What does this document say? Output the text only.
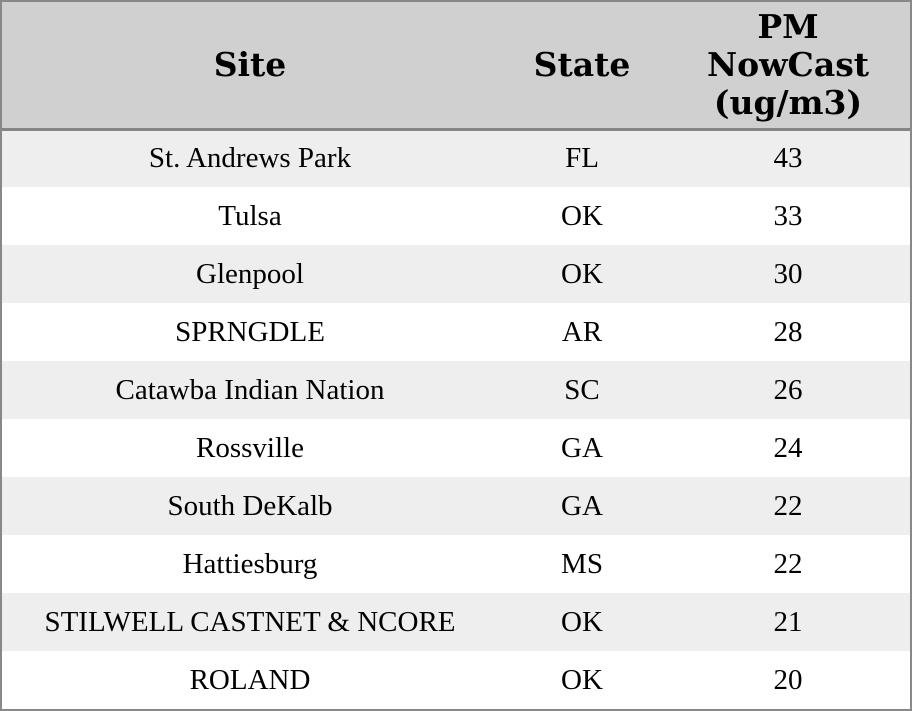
Site	State	PM
NowCast
(ug/m3)

St. Andrews Park	FL	43
Tulsa	OK	33
Glenpool	OK	30
SPRNGDLE	AR	28
Catawba Indian Nation	SC	26
Rossville	GA	24
South DeKalb	GA	22
Hattiesburg	MS	22
STILWELL CASTNET & NCORE	OK	21
ROLAND	OK	20
